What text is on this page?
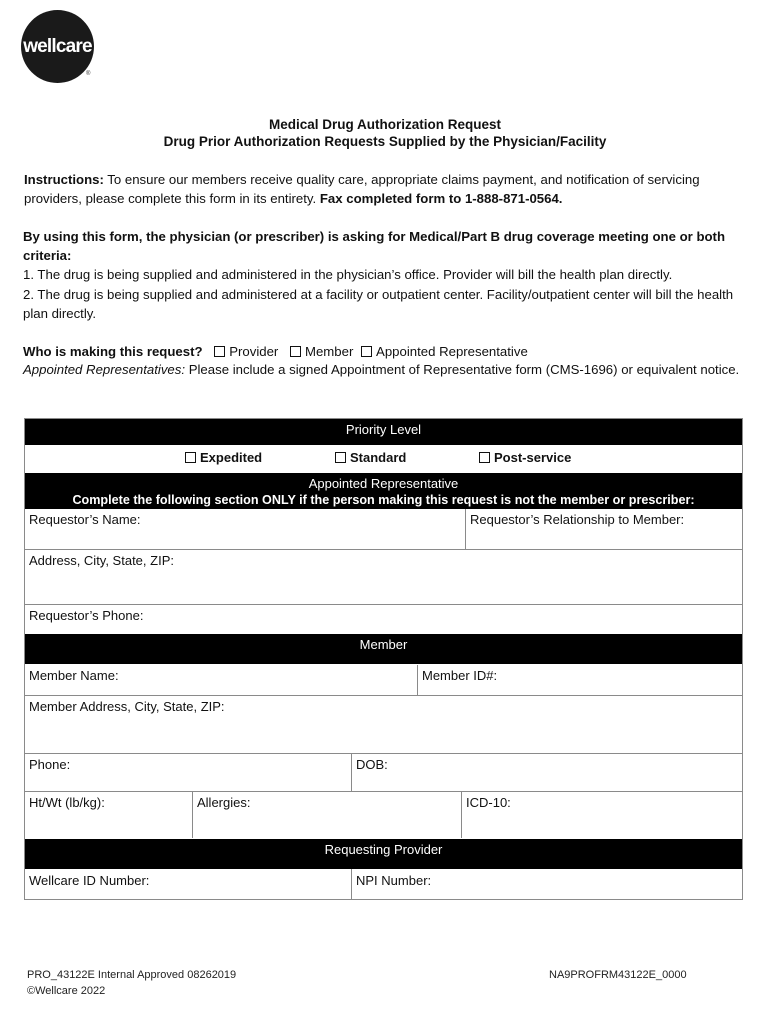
wellcare
®
Medical Drug Authorization Request
Drug Prior Authorization Requests Supplied by the Physician/Facility
Instructions: To ensure our members receive quality care, appropriate claims payment, and notification of servicing providers, please complete this form in its entirety. Fax completed form to 1-888-871-0564.
By using this form, the physician (or prescriber) is asking for Medical/Part B drug coverage meeting one or both criteria:
1. The drug is being supplied and administered in the physician’s office. Provider will bill the health plan directly.
2. The drug is being supplied and administered at a facility or outpatient center. Facility/outpatient center will bill the health plan directly.
Who is making this request? Provider Member Appointed Representative
Appointed Representatives: Please include a signed Appointment of Representative form (CMS-1696) or equivalent notice.
Priority Level
Expedited	Standard	Post-service
Appointed Representative
Complete the following section ONLY if the person making this request is not the member or prescriber:
Requestor’s Name:	Requestor’s Relationship to Member:
Address, City, State, ZIP:
Requestor’s Phone:
Member
Member Name:	Member ID#:
Member Address, City, State, ZIP:
Phone:	DOB:
Ht/Wt (lb/kg):	Allergies:	ICD-10:
Requesting Provider
Wellcare ID Number:	NPI Number:
PRO_43122E Internal Approved 08262019
©Wellcare 2022
NA9PROFRM43122E_0000
